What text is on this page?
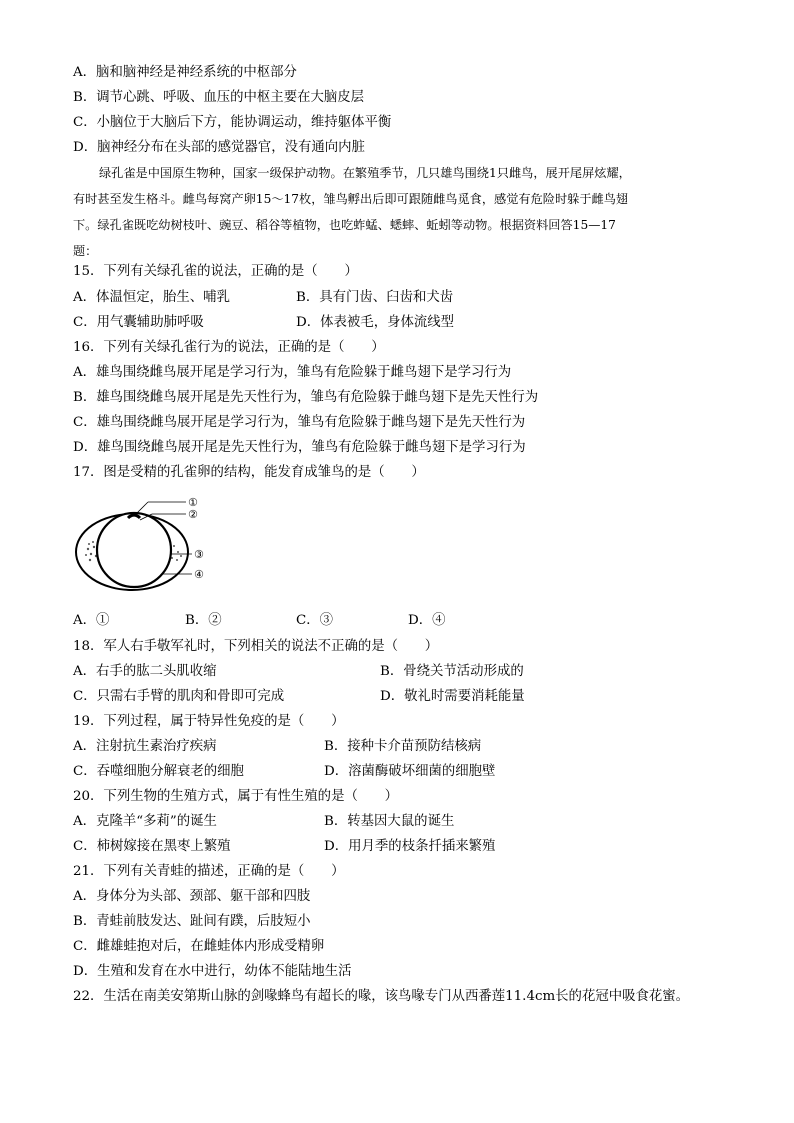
A．脑和脑神经是神经系统的中枢部分
B．调节心跳、呼吸、血压的中枢主要在大脑皮层
C．小脑位于大脑后下方，能协调运动，维持躯体平衡
D．脑神经分布在头部的感觉器官，没有通向内脏

绿孔雀是中国原生物种，国家一级保护动物。在繁殖季节，几只雄鸟围绕1只雌鸟，展开尾屏炫耀，

有时甚至发生格斗。雌鸟每窝产卵15～17枚，雏鸟孵出后即可跟随雌鸟觅食，感觉有危险时躲于雌鸟翅

下。绿孔雀既吃幼树枝叶、豌豆、稻谷等植物，也吃蚱蜢、蟋蟀、蚯蚓等动物。根据资料回答15—17

题：

15．下列有关绿孔雀的说法，正确的是（　　）
A．体温恒定，胎生、哺乳	B．具有门齿、臼齿和犬齿
C．用气囊辅助肺呼吸	D．体表被毛，身体流线型
16．下列有关绿孔雀行为的说法，正确的是（　　）
A．雄鸟围绕雌鸟展开尾是学习行为，雏鸟有危险躲于雌鸟翅下是学习行为
B．雄鸟围绕雌鸟展开尾是先天性行为，雏鸟有危险躲于雌鸟翅下是先天性行为
C．雄鸟围绕雌鸟展开尾是学习行为，雏鸟有危险躲于雌鸟翅下是先天性行为
D．雄鸟围绕雌鸟展开尾是先天性行为，雏鸟有危险躲于雌鸟翅下是学习行为
17．图是受精的孔雀卵的结构，能发育成雏鸟的是（　　）
①
②
③
④
A．①	B．②	C．③	D．④
18．军人右手敬军礼时，下列相关的说法不正确的是（　　）
A．右手的肱二头肌收缩	B．骨绕关节活动形成的
C．只需右手臂的肌肉和骨即可完成	D．敬礼时需要消耗能量
19．下列过程，属于特异性免疫的是（　　）
A．注射抗生素治疗疾病	B．接种卡介苗预防结核病
C．吞噬细胞分解衰老的细胞	D．溶菌酶破坏细菌的细胞壁
20．下列生物的生殖方式，属于有性生殖的是（　　）
A．克隆羊“多莉”的诞生	B．转基因大鼠的诞生
C．柿树嫁接在黑枣上繁殖	D．用月季的枝条扦插来繁殖
21．下列有关青蛙的描述，正确的是（　　）
A．身体分为头部、颈部、躯干部和四肢
B．青蛙前肢发达、趾间有蹼，后肢短小
C．雌雄蛙抱对后，在雌蛙体内形成受精卵
D．生殖和发育在水中进行，幼体不能陆地生活
22．生活在南美安第斯山脉的剑喙蜂鸟有超长的喙，该鸟喙专门从西番莲11.4cm长的花冠中吸食花蜜。
